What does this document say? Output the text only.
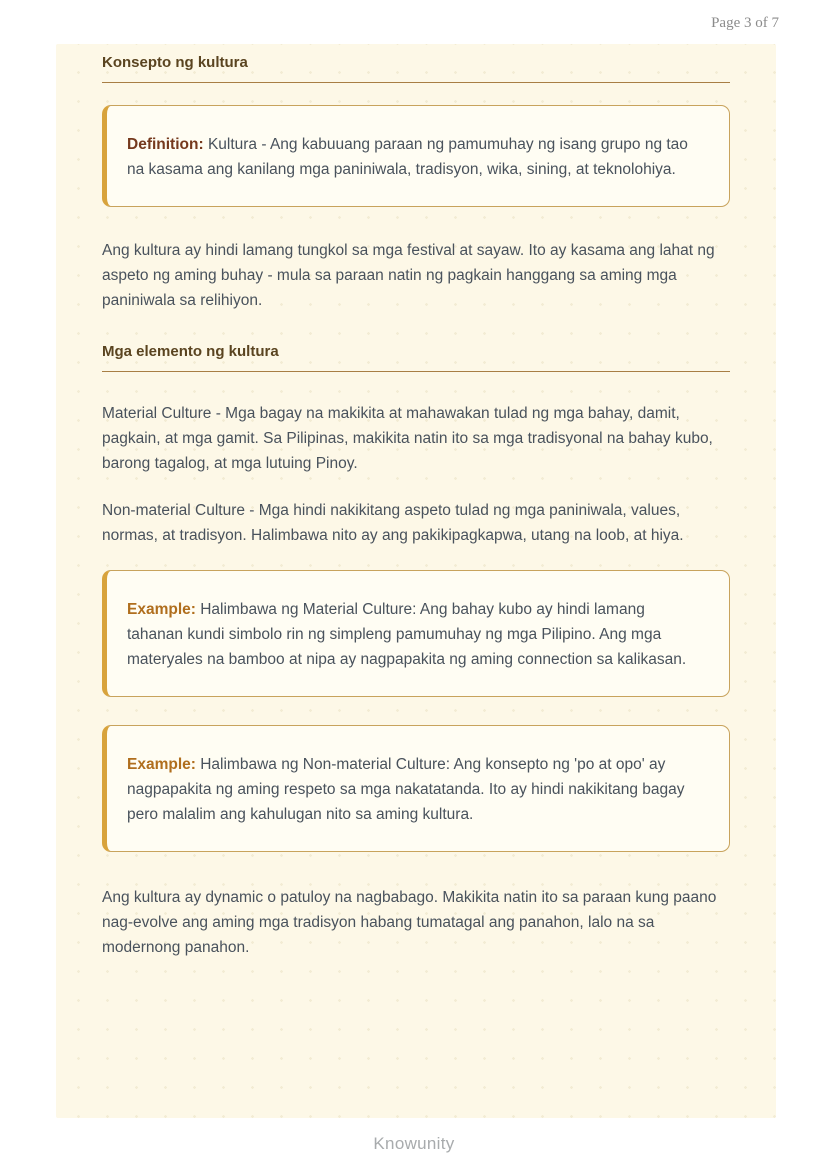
Page 3 of 7
Konsepto ng kultura

Definition: Kultura - Ang kabuuang paraan ng pamumuhay ng isang grupo ng tao na kasama ang kanilang mga paniniwala, tradisyon, wika, sining, at teknolohiya.

Ang kultura ay hindi lamang tungkol sa mga festival at sayaw. Ito ay kasama ang lahat ng aspeto ng aming buhay - mula sa paraan natin ng pagkain hanggang sa aming mga paniniwala sa relihiyon.

Mga elemento ng kultura

Material Culture - Mga bagay na makikita at mahawakan tulad ng mga bahay, damit, pagkain, at mga gamit. Sa Pilipinas, makikita natin ito sa mga tradisyonal na bahay kubo, barong tagalog, at mga lutuing Pinoy.

Non-material Culture - Mga hindi nakikitang aspeto tulad ng mga paniniwala, values, normas, at tradisyon. Halimbawa nito ay ang pakikipagkapwa, utang na loob, at hiya.

Example: Halimbawa ng Material Culture: Ang bahay kubo ay hindi lamang tahanan kundi simbolo rin ng simpleng pamumuhay ng mga Pilipino. Ang mga materyales na bamboo at nipa ay nagpapakita ng aming connection sa kalikasan.

Example: Halimbawa ng Non-material Culture: Ang konsepto ng 'po at opo' ay nagpapakita ng aming respeto sa mga nakatatanda. Ito ay hindi nakikitang bagay pero malalim ang kahulugan nito sa aming kultura.

Ang kultura ay dynamic o patuloy na nagbabago. Makikita natin ito sa paraan kung paano nag-evolve ang aming mga tradisyon habang tumatagal ang panahon, lalo na sa modernong panahon.

Knowunity
